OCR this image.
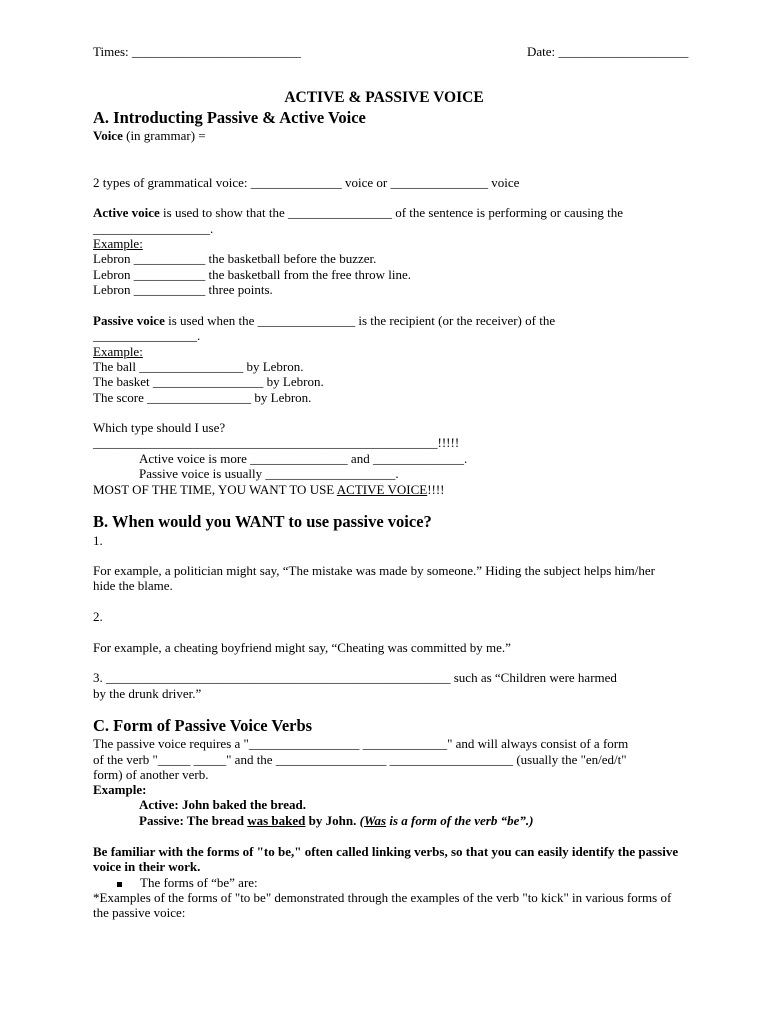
Times: __________________________	Date: ____________________
ACTIVE & PASSIVE VOICE
A. Introducting Passive & Active Voice
Voice (in grammar) =
2 types of grammatical voice: ______________ voice or _______________ voice
Active voice is used to show that the ________________ of the sentence is performing or causing the
__________________.
Example:
Lebron ___________ the basketball before the buzzer.
Lebron ___________ the basketball from the free throw line.
Lebron ___________ three points.
Passive voice is used when the _______________ is the recipient (or the receiver) of the
________________.
Example:
The ball ________________ by Lebron.
The basket _________________ by Lebron.
The score ________________ by Lebron.
Which type should I use?
_____________________________________________________!!!!!
Active voice is more _______________ and ______________.
Passive voice is usually ____________________.
MOST OF THE TIME, YOU WANT TO USE ACTIVE VOICE!!!!
B. When would you WANT to use passive voice?
1.
For example, a politician might say, “The mistake was made by someone.” Hiding the subject helps him/her hide the blame.
2.
For example, a cheating boyfriend might say, “Cheating was committed by me.”
3. _____________________________________________________ such as “Children were harmed
by the drunk driver.”
C. Form of Passive Voice Verbs
The passive voice requires a "_________________ _____________" and will always consist of a form
of the verb "_____ _____" and the _________________ ___________________ (usually the "en/ed/t"
form) of another verb.
Example:
Active: John baked the bread.
Passive: The bread was baked by John. (Was is a form of the verb “be”.)
Be familiar with the forms of "to be," often called linking verbs, so that you can easily identify the passive voice in their work.
The forms of “be” are:
*Examples of the forms of "to be" demonstrated through the examples of the verb "to kick" in various forms of the passive voice:
